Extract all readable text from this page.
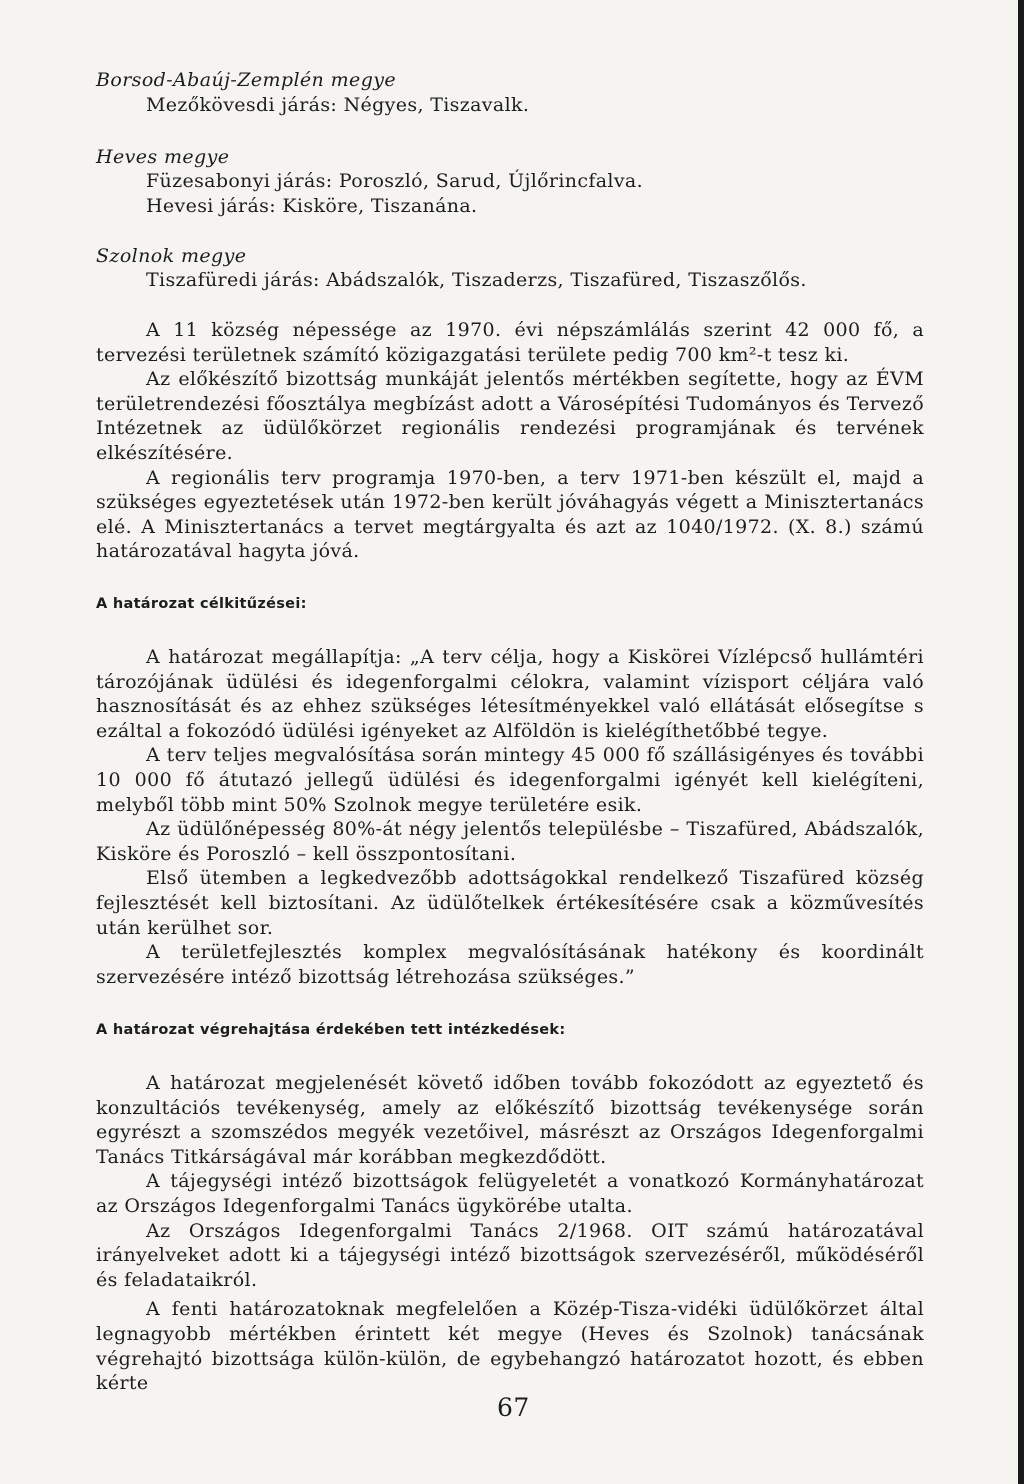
Borsod-Abaúj-Zemplén megye
Mezőkövesdi járás: Négyes, Tiszavalk.
Heves megye
Füzesabonyi járás: Poroszló, Sarud, Újlőrincfalva.
Hevesi járás: Kisköre, Tiszanána.
Szolnok megye
Tiszafüredi járás: Abádszalók, Tiszaderzs, Tiszafüred, Tiszaszőlős.

A 11 község népessége az 1970. évi népszámlálás szerint 42 000 fő, a tervezési területnek számító közigazgatási területe pedig 700 km²-t tesz ki.

Az előkészítő bizottság munkáját jelentős mértékben segítette, hogy az ÉVM területrendezési főosztálya megbízást adott a Városépítési Tudományos és Tervező Intézetnek az üdülőkörzet regionális rendezési programjának és tervének elkészítésére.

A regionális terv programja 1970-ben, a terv 1971-ben készült el, majd a szükséges egyeztetések után 1972-ben került jóváhagyás végett a Minisztertanács elé. A Minisztertanács a tervet megtárgyalta és azt az 1040/1972. (X. 8.) számú határozatával hagyta jóvá.

A határozat célkitűzései:

A határozat megállapítja: „A terv célja, hogy a Kiskörei Vízlépcső hullámtéri tározójának üdülési és idegenforgalmi célokra, valamint vízisport céljára való hasznosítását és az ehhez szükséges létesítményekkel való ellátását elősegítse s ezáltal a fokozódó üdülési igényeket az Alföldön is kielégíthetőbbé tegye.

A terv teljes megvalósítása során mintegy 45 000 fő szállásigényes és további 10 000 fő átutazó jellegű üdülési és idegenforgalmi igényét kell kielégíteni, melyből több mint 50% Szolnok megye területére esik.

Az üdülőnépesség 80%-át négy jelentős településbe – Tiszafüred, Abádszalók, Kisköre és Poroszló – kell összpontosítani.

Első ütemben a legkedvezőbb adottságokkal rendelkező Tiszafüred község fejlesztését kell biztosítani. Az üdülőtelkek értékesítésére csak a közművesítés után kerülhet sor.

A területfejlesztés komplex megvalósításának hatékony és koordinált szervezésére intéző bizottság létrehozása szükséges.”

A határozat végrehajtása érdekében tett intézkedések:

A határozat megjelenését követő időben tovább fokozódott az egyeztető és konzultációs tevékenység, amely az előkészítő bizottság tevékenysége során egyrészt a szomszédos megyék vezetőivel, másrészt az Országos Idegenforgalmi Tanács Titkárságával már korábban megkezdődött.

A tájegységi intéző bizottságok felügyeletét a vonatkozó Kormányhatározat az Országos Idegenforgalmi Tanács ügykörébe utalta.

Az Országos Idegenforgalmi Tanács 2/1968. OIT számú határozatával irányelveket adott ki a tájegységi intéző bizottságok szervezéséről, működéséről és feladataikról.

A fenti határozatoknak megfelelően a Közép-Tisza-vidéki üdülőkörzet által legnagyobb mértékben érintett két megye (Heves és Szolnok) tanácsának végrehajtó bizottsága külön-külön, de egybehangzó határozatot hozott, és ebben kérte

67
